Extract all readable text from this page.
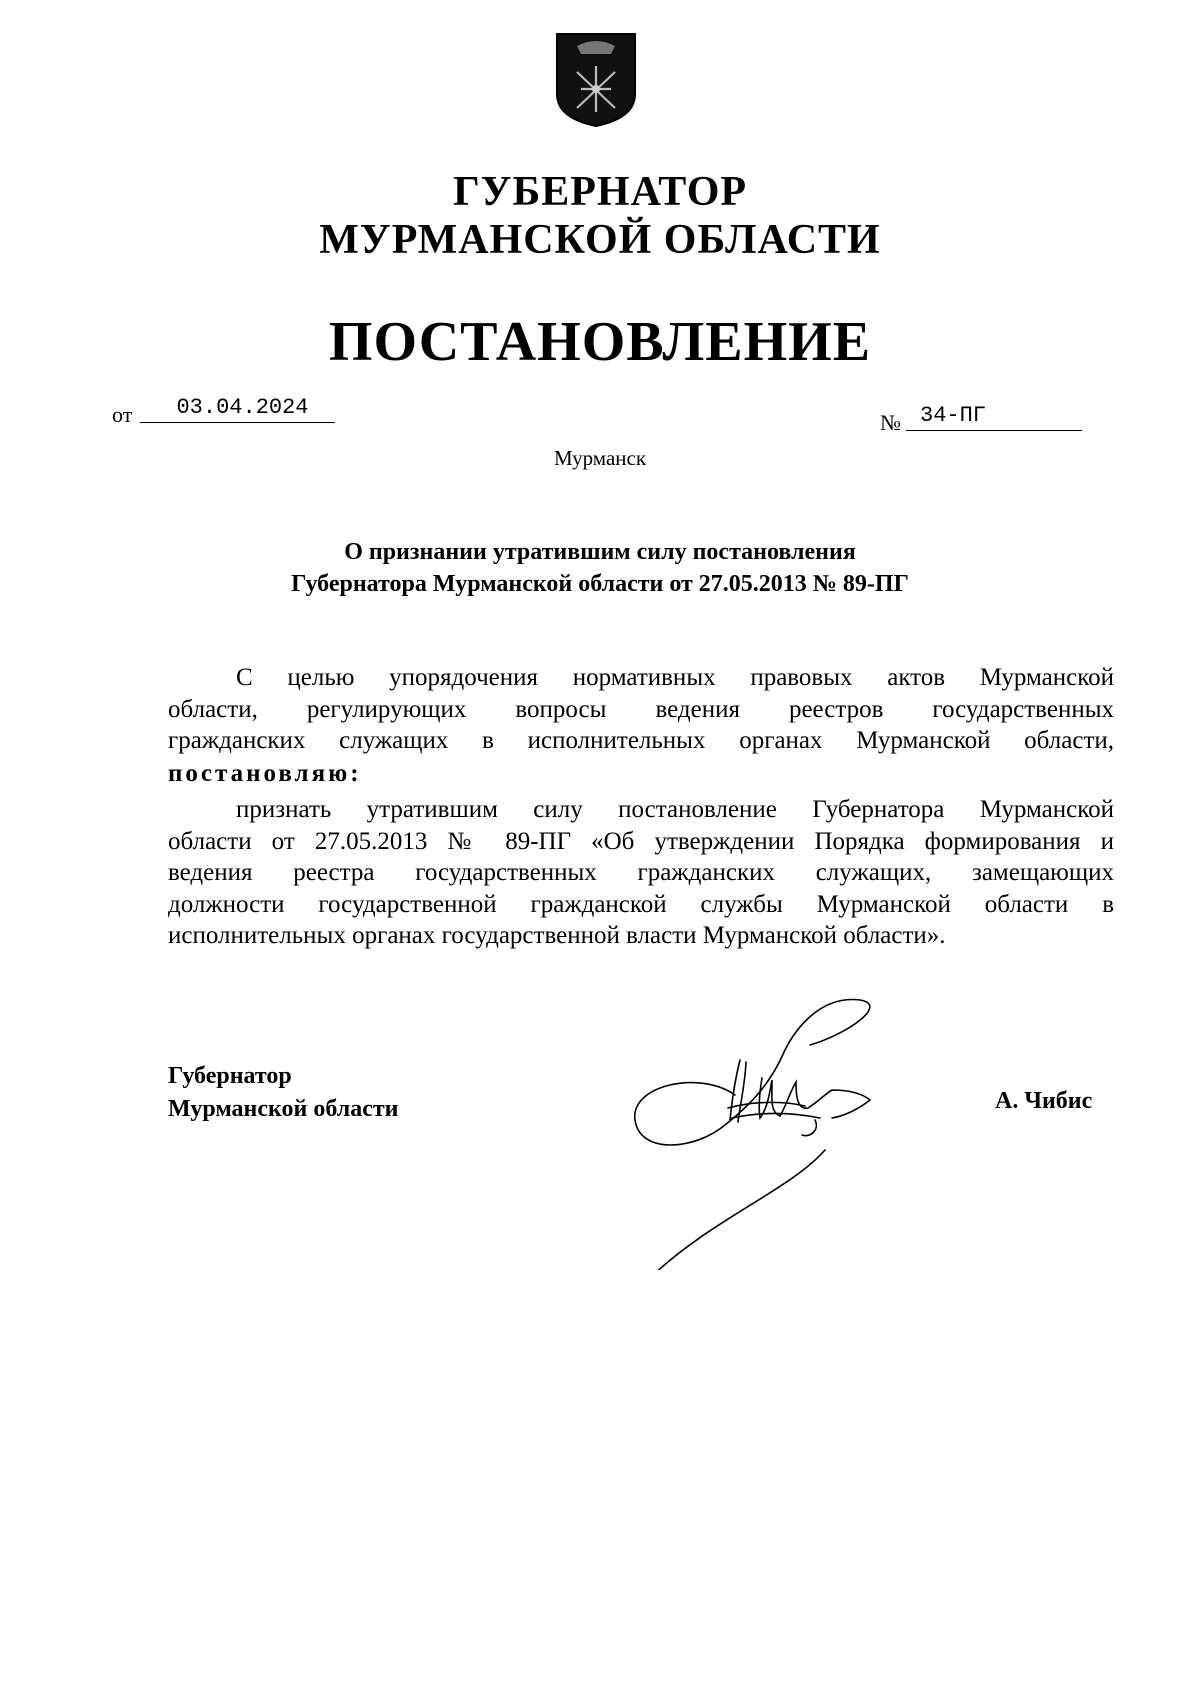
ГУБЕРНАТОР
МУРМАНСКОЙ ОБЛАСТИ
ПОСТАНОВЛЕНИЕ
от	03.04.2024
№ 34-ПГ
Мурманск
О признании утратившим силу постановления
Губернатора Мурманской области от 27.05.2013 № 89-ПГ
С целью упорядочения нормативных правовых актов Мурманской
области, регулирующих вопросы ведения реестров государственных
гражданских служащих в исполнительных органах Мурманской области,
постановляю:
признать утратившим силу постановление Губернатора Мурманской
области от 27.05.2013 № 89-ПГ «Об утверждении Порядка формирования и
ведения реестра государственных гражданских служащих, замещающих
должности государственной гражданской службы Мурманской области в
исполнительных органах государственной власти Мурманской области».
Губернатор
Мурманской области	А. Чибис
